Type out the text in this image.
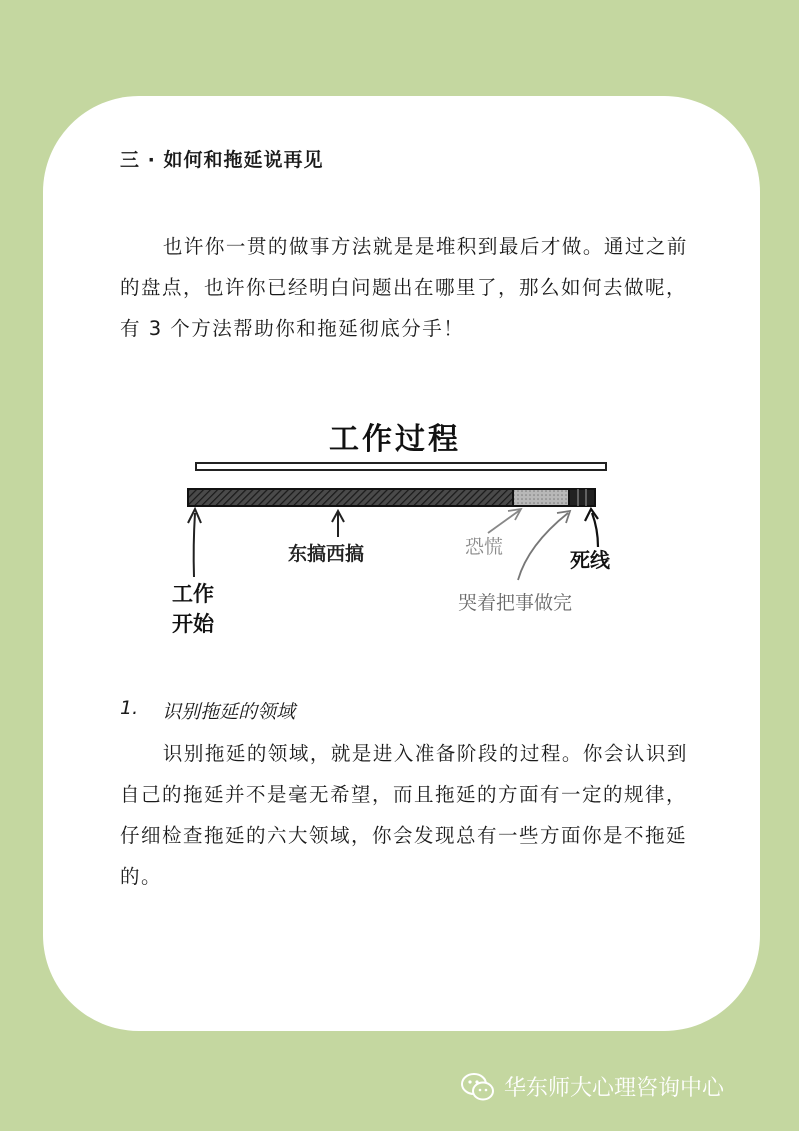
三 · 如何和拖延说再见

也许你一贯的做事方法就是是堆积到最后才做。通过之前的盘点，也许你已经明白问题出在哪里了，那么如何去做呢，有 3 个方法帮助你和拖延彻底分手！

工作过程
工作
开始
东搞西搞	恐慌
哭着把事做完
死线
1. 识别拖延的领域

识别拖延的领域，就是进入准备阶段的过程。你会认识到自己的拖延并不是毫无希望，而且拖延的方面有一定的规律，仔细检查拖延的六大领域，你会发现总有一些方面你是不拖延的。

华东师大心理咨询中心
